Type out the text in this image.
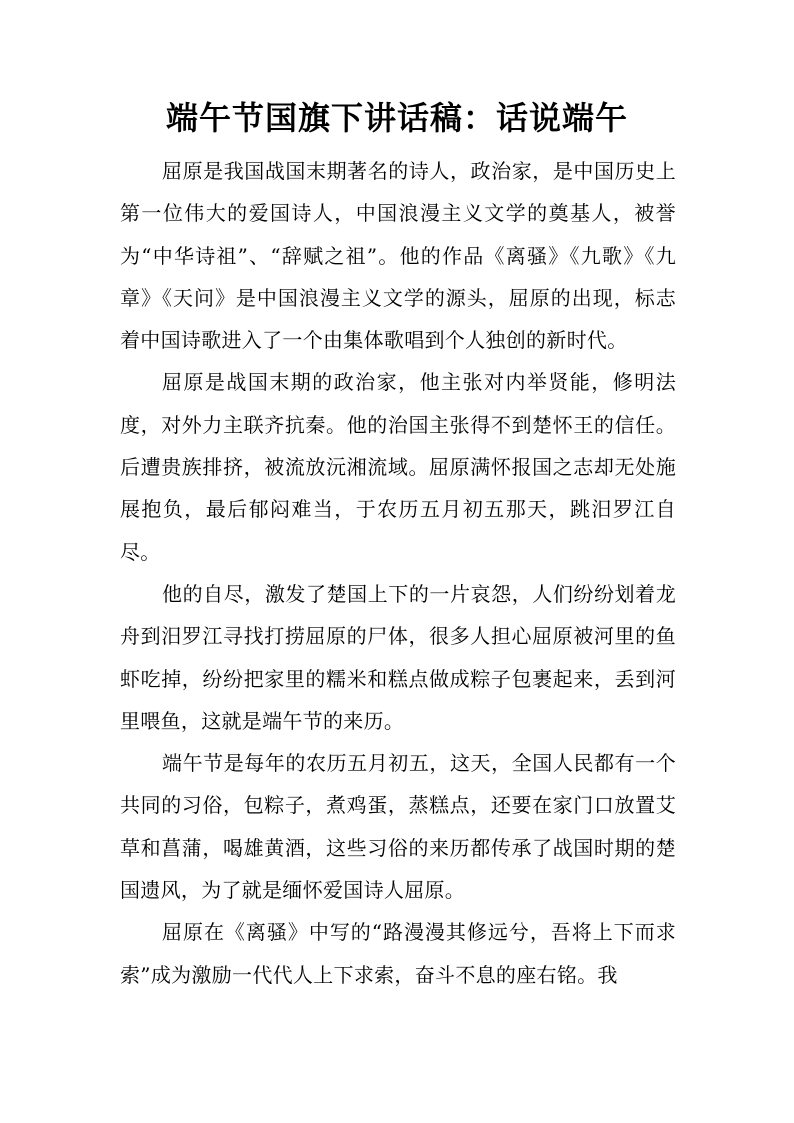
端午节国旗下讲话稿：话说端午

屈原是我国战国末期著名的诗人，政治家，是中国历史上第一位伟大的爱国诗人，中国浪漫主义文学的奠基人，被誉为“中华诗祖”、“辞赋之祖”。他的作品《离骚》《九歌》《九章》《天问》是中国浪漫主义文学的源头，屈原的出现，标志着中国诗歌进入了一个由集体歌唱到个人独创的新时代。

屈原是战国末期的政治家，他主张对内举贤能，修明法度，对外力主联齐抗秦。他的治国主张得不到楚怀王的信任。后遭贵族排挤，被流放沅湘流域。屈原满怀报国之志却无处施展抱负，最后郁闷难当，于农历五月初五那天，跳汨罗江自尽。

他的自尽，激发了楚国上下的一片哀怨，人们纷纷划着龙舟到汨罗江寻找打捞屈原的尸体，很多人担心屈原被河里的鱼虾吃掉，纷纷把家里的糯米和糕点做成粽子包裹起来，丢到河里喂鱼，这就是端午节的来历。

端午节是每年的农历五月初五，这天，全国人民都有一个共同的习俗，包粽子，煮鸡蛋，蒸糕点，还要在家门口放置艾草和菖蒲，喝雄黄酒，这些习俗的来历都传承了战国时期的楚国遗风，为了就是缅怀爱国诗人屈原。

屈原在《离骚》中写的“路漫漫其修远兮，吾将上下而求索”成为激励一代代人上下求索，奋斗不息的座右铭。我
